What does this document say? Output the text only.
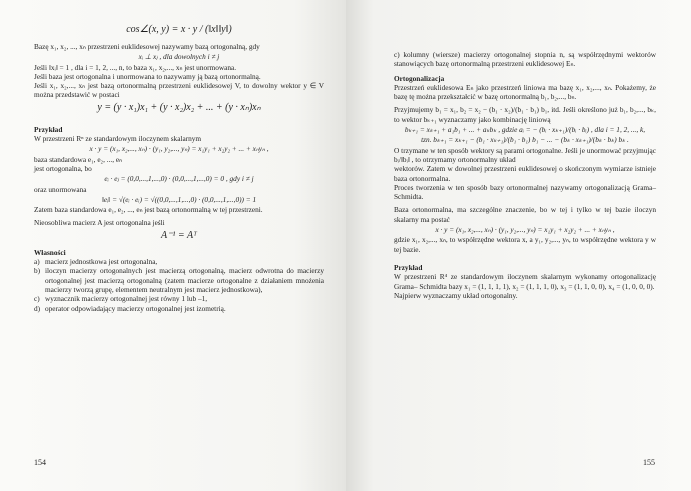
cos∠(x, y) = x · y / (‖x‖‖y‖)

Bazę x₁, x₂, ..., xₙ przestrzeni euklidesowej nazywamy bazą ortogonalną, gdy

xᵢ ⊥ xⱼ , dla dowolnych i ≠ j

Jeśli ‖xᵢ‖ = 1 , dla i = 1, 2, ..., n, to baza x₁, x₂,..., xₙ jest unormowana.

Jeśli baza jest ortogonalna i unormowana to nazywamy ją bazą ortonormalną.

Jeśli x₁, x₂,..., xₙ jest bazą ortonormalną przestrzeni euklidesowej V, to dowolny wektor y ∈ V można przedstawić w postaci

y = (y · x₁)x₁ + (y · x₂)x₂ + ... + (y · xₙ)xₙ

Przykład

W przestrzeni Rⁿ ze standardowym iloczynem skalarnym

x · y = (x₁, x₂,..., xₙ) · (y₁, y₂,..., yₙ) = x₁y₁ + x₂y₂ + ... + xₙyₙ ,

baza standardowa e₁, e₂, ..., eₙ

jest ortogonalna, bo

eᵢ · eⱼ = (0,0,...,1,...,0) · (0,0,...,1,...,0) = 0 , gdy i ≠ j

oraz unormowana

‖eᵢ‖ = √(eᵢ · eᵢ) = √((0,0,...,1,...,0) · (0,0,...,1,...,0)) = 1

Zatem baza standardowa e₁, e₂, ..., eₙ jest bazą ortonormalną w tej przestrzeni.

Nieosobliwa macierz A jest ortogonalna jeśli

A⁻¹ = Aᵀ

Własności

a) macierz jednostkowa jest ortogonalna,
b) iloczyn macierzy ortogonalnych jest macierzą ortogonalną, macierz odwrotna do macierzy ortogonalnej jest macierzą ortogonalną (zatem macierze ortogonalne z działaniem mnożenia macierzy tworzą grupę, elementem neutralnym jest macierz jednostkowa),
c) wyznacznik macierzy ortogonalnej jest równy 1 lub –1,
d) operator odpowiadający macierzy ortogonalnej jest izometrią.
154

c) kolumny (wiersze) macierzy ortogonalnej stopnia n, są współrzędnymi wektorów stanowiących bazę ortonormalną przestrzeni euklidesowej Eₙ.

Ortogonalizacja

Przestrzeń euklidesowa Eₙ jako przestrzeń liniowa ma bazę x₁, x₂,..., xₙ. Pokażemy, że bazę tę można przekształcić w bazę ortonormalną b₁, b₂,..., bₙ.

Przyjmujemy b₁ = x₁, b₂ = x₂ − (b₁ · x₂)/(b₁ · b₁) b₁, itd. Jeśli określono już b₁, b₂,..., bₖ, to wektor bₖ₊₁ wyznaczamy jako kombinację liniową

bₖ₊₁ = xₖ₊₁ + a₁b₁ + ... + aₖbₖ , gdzie aᵢ = − (bᵢ · xₖ₊₁)/(bᵢ · bᵢ) , dla i = 1, 2, ..., k,

tzn. bₖ₊₁ = xₖ₊₁ − (b₁ · xₖ₊₁)/(b₁ · b₁) b₁ − ... − (bₖ · xₖ₊₁)/(bₖ · bₖ) bₖ .

O trzymane w ten sposób wektory są parami ortogonalne. Jeśli je unormować przyjmując bᵢ/‖bᵢ‖ , to otrzymamy ortonormalny układ

wektorów. Zatem w dowolnej przestrzeni euklidesowej o skończonym wymiarze istnieje baza ortonormalna.

Proces tworzenia w ten sposób bazy ortonormalnej nazywamy ortogonalizacją Grama–Schmidta.

Baza ortonormalna, ma szczególne znaczenie, bo w tej i tylko w tej bazie iloczyn skalarny ma postać

x · y = (x₁, x₂,..., xₙ) · (y₁, y₂,..., yₙ) = x₁y₁ + x₂y₂ + ... + xₙyₙ ,

gdzie x₁, x₂,..., xₙ, to współrzędne wektora x, a y₁, y₂,..., yₙ, to współrzędne wektora y w tej bazie.

Przykład

W przestrzeni R⁴ ze standardowym iloczynem skalarnym wykonamy ortogonalizację Grama– Schmidta bazy x₁ = (1, 1, 1, 1), x₂ = (1, 1, 1, 0), x₃ = (1, 1, 0, 0), x₄ = (1, 0, 0, 0).

Najpierw wyznaczamy układ ortogonalny.

155
